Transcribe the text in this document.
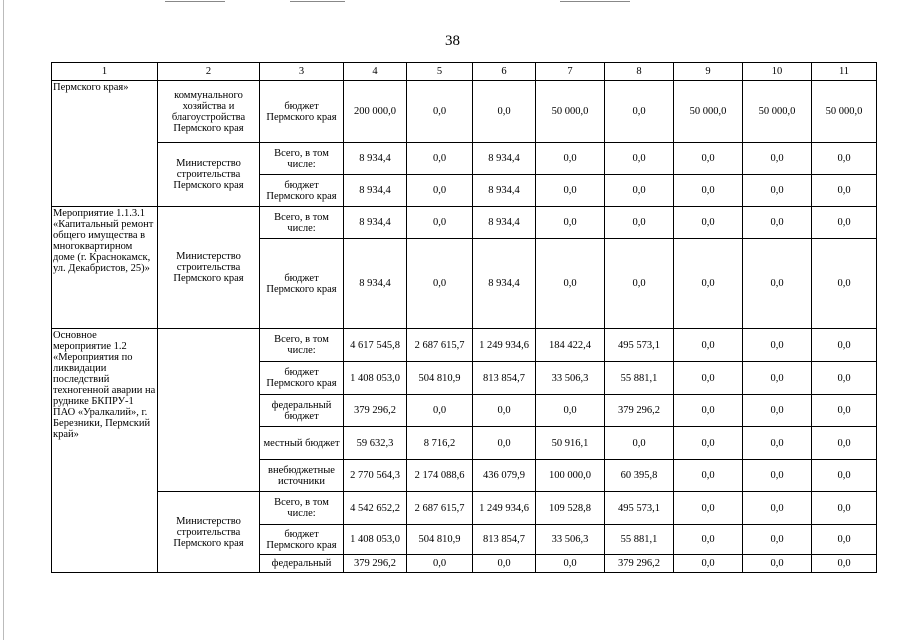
38
1	2	3	4	5	6	7	8	9	10	11
Пермского края»	коммунального хозяйства и благоустройства Пермского края	бюджет Пермского края	200 000,0	0,0	0,0	50 000,0	0,0	50 000,0	50 000,0	50 000,0
	Министерство строительства Пермского края	Всего, в том числе:	8 934,4	0,0	8 934,4	0,0	0,0	0,0	0,0	0,0
		бюджет Пермского края	8 934,4	0,0	8 934,4	0,0	0,0	0,0	0,0	0,0
Мероприятие 1.1.3.1 «Капитальный ремонт общего имущества в многоквартирном доме (г. Краснокамск, ул. Декабристов, 25)»	Министерство строительства Пермского края	Всего, в том числе:	8 934,4	0,0	8 934,4	0,0	0,0	0,0	0,0	0,0
		бюджет Пермского края	8 934,4	0,0	8 934,4	0,0	0,0	0,0	0,0	0,0
Основное мероприятие 1.2 «Мероприятия по ликвидации последствий техногенной аварии на руднике БКПРУ-1 ПАО «Уралкалий», г. Березники, Пермский край»		Всего, в том числе:	4 617 545,8	2 687 615,7	1 249 934,6	184 422,4	495 573,1	0,0	0,0	0,0
		бюджет Пермского края	1 408 053,0	504 810,9	813 854,7	33 506,3	55 881,1	0,0	0,0	0,0
		федеральный бюджет	379 296,2	0,0	0,0	0,0	379 296,2	0,0	0,0	0,0
		местный бюджет	59 632,3	8 716,2	0,0	50 916,1	0,0	0,0	0,0	0,0
		внебюджетные источники	2 770 564,3	2 174 088,6	436 079,9	100 000,0	60 395,8	0,0	0,0	0,0
	Министерство строительства Пермского края	Всего, в том числе:	4 542 652,2	2 687 615,7	1 249 934,6	109 528,8	495 573,1	0,0	0,0	0,0
		бюджет Пермского края	1 408 053,0	504 810,9	813 854,7	33 506,3	55 881,1	0,0	0,0	0,0
		федеральный	379 296,2	0,0	0,0	0,0	379 296,2	0,0	0,0	0,0
